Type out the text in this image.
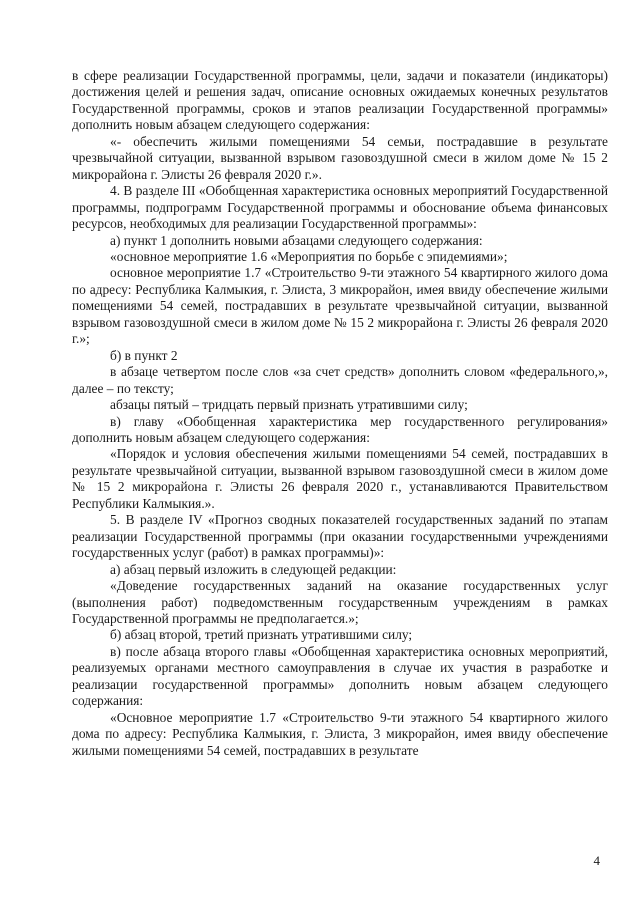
в сфере реализации Государственной программы, цели, задачи и показатели (индикаторы) достижения целей и решения задач, описание основных ожидаемых конечных результатов Государственной программы, сроков и этапов реализации Государственной программы» дополнить новым абзацем следующего содержания:

«- обеспечить жилыми помещениями 54 семьи, пострадавшие в результате чрезвычайной ситуации, вызванной взрывом газовоздушной смеси в жилом доме № 15 2 микрорайона г. Элисты 26 февраля 2020 г.».

4. В разделе III «Обобщенная характеристика основных мероприятий Государственной программы, подпрограмм Государственной программы и обоснование объема финансовых ресурсов, необходимых для реализации Государственной программы»:

а) пункт 1 дополнить новыми абзацами следующего содержания:

«основное мероприятие 1.6 «Мероприятия по борьбе с эпидемиями»;

основное мероприятие 1.7 «Строительство 9-ти этажного 54 квартирного жилого дома по адресу: Республика Калмыкия, г. Элиста, 3 микрорайон, имея ввиду обеспечение жилыми помещениями 54 семей, пострадавших в результате чрезвычайной ситуации, вызванной взрывом газовоздушной смеси в жилом доме № 15 2 микрорайона г. Элисты 26 февраля 2020 г.»;

б) в пункт 2

в абзаце четвертом после слов «за счет средств» дополнить словом «федерального,», далее – по тексту;

абзацы пятый – тридцать первый признать утратившими силу;

в) главу «Обобщенная характеристика мер государственного регулирования» дополнить новым абзацем следующего содержания:

«Порядок и условия обеспечения жилыми помещениями 54 семей, пострадавших в результате чрезвычайной ситуации, вызванной взрывом газовоздушной смеси в жилом доме № 15 2 микрорайона г. Элисты 26 февраля 2020 г., устанавливаются Правительством Республики Калмыкия.».

5. В разделе IV «Прогноз сводных показателей государственных заданий по этапам реализации Государственной программы (при оказании государственными учреждениями государственных услуг (работ) в рамках программы)»:

а) абзац первый изложить в следующей редакции:

«Доведение государственных заданий на оказание государственных услуг (выполнения работ) подведомственным государственным учреждениям в рамках Государственной программы не предполагается.»;

б) абзац второй, третий признать утратившими силу;

в) после абзаца второго главы «Обобщенная характеристика основных мероприятий, реализуемых органами местного самоуправления в случае их участия в разработке и реализации государственной программы» дополнить новым абзацем следующего содержания:

«Основное мероприятие 1.7 «Строительство 9-ти этажного 54 квартирного жилого дома по адресу: Республика Калмыкия, г. Элиста, 3 микрорайон, имея ввиду обеспечение жилыми помещениями 54 семей, пострадавших в результате

4
